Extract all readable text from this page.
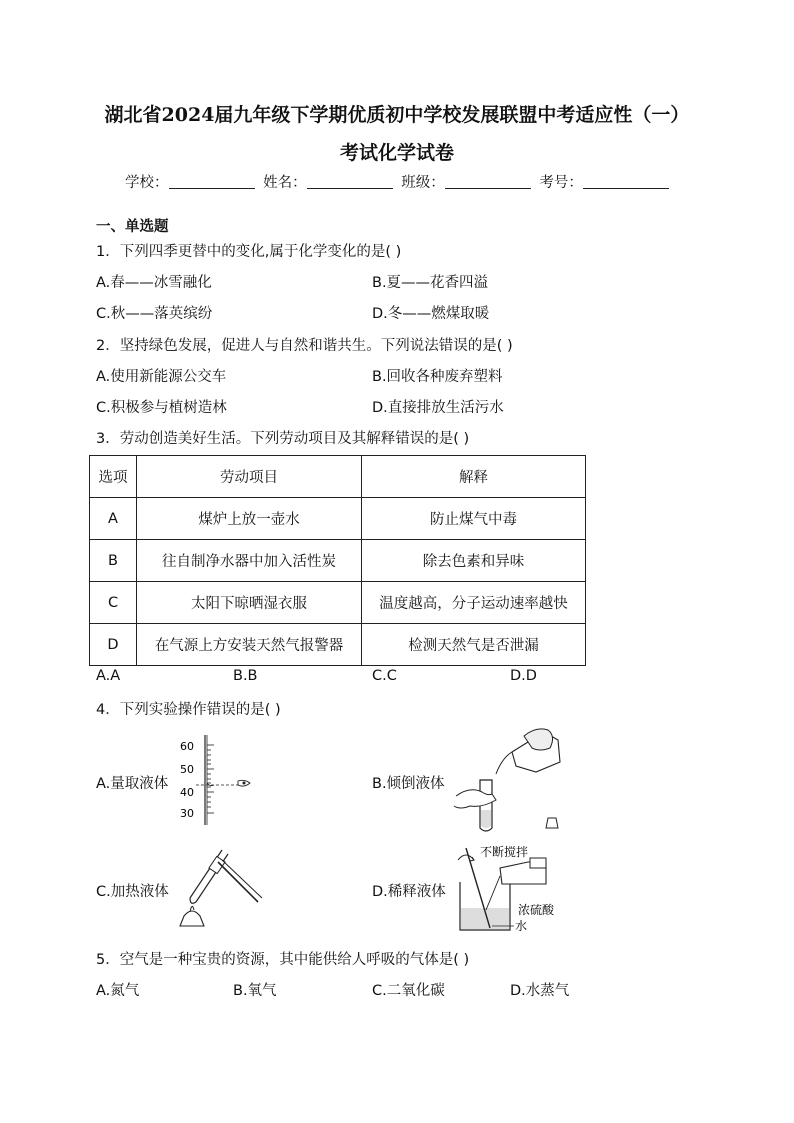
湖北省2024届九年级下学期优质初中学校发展联盟中考适应性（一）
考试化学试卷
学校：	姓名：	班级：	考号：
一、单选题
1．下列四季更替中的变化,属于化学变化的是( )
A.春——冰雪融化	B.夏——花香四溢
C.秋——落英缤纷	D.冬——燃煤取暖
2．坚持绿色发展，促进人与自然和谐共生。下列说法错误的是( )
A.使用新能源公交车	B.回收各种废弃塑料
C.积极参与植树造林	D.直接排放生活污水
3．劳动创造美好生活。下列劳动项目及其解释错误的是( )
选项	劳动项目	解释
A	煤炉上放一壶水	防止煤气中毒
B	往自制净水器中加入活性炭	除去色素和异味
C	太阳下晾晒湿衣服	温度越高，分子运动速率越快
D	在气源上方安装天然气报警器	检测天然气是否泄漏
A.A	B.B	C.C	D.D
4．下列实验操作错误的是( )
A.量取液体	B.倾倒液体
C.加热液体	D.稀释液体
60
50
40
30
不断搅拌
浓硫酸
水
5．空气是一种宝贵的资源，其中能供给人呼吸的气体是( )
A.氮气	B.氧气	C.二氧化碳	D.水蒸气
